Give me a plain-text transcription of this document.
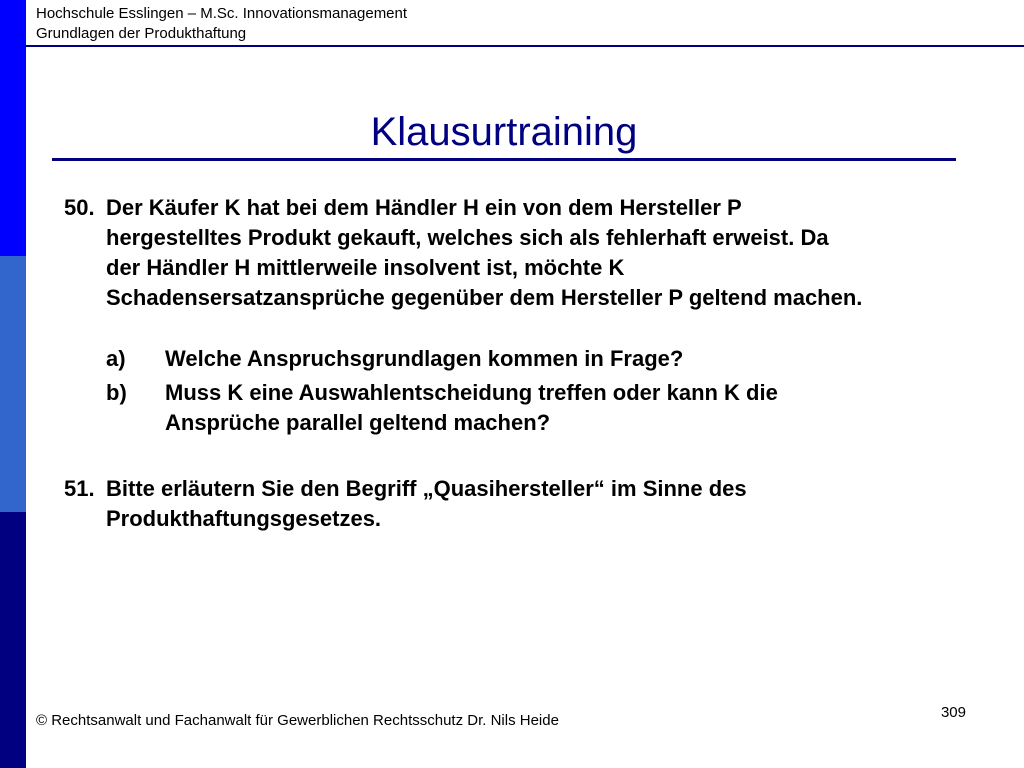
Hochschule Esslingen – M.Sc. Innovationsmanagement
Grundlagen der Produkthaftung
Klausurtraining
50. Der Käufer K hat bei dem Händler H ein von dem Hersteller P
hergestelltes Produkt gekauft, welches sich als fehlerhaft erweist. Da
der Händler H mittlerweile insolvent ist, möchte K
Schadensersatzansprüche gegenüber dem Hersteller P geltend machen.
a) Welche Anspruchsgrundlagen kommen in Frage?
b) Muss K eine Auswahlentscheidung treffen oder kann K die
Ansprüche parallel geltend machen?
51. Bitte erläutern Sie den Begriff „Quasihersteller“ im Sinne des
Produkthaftungsgesetzes.
309
© Rechtsanwalt und Fachanwalt für Gewerblichen Rechtsschutz Dr. Nils Heide
